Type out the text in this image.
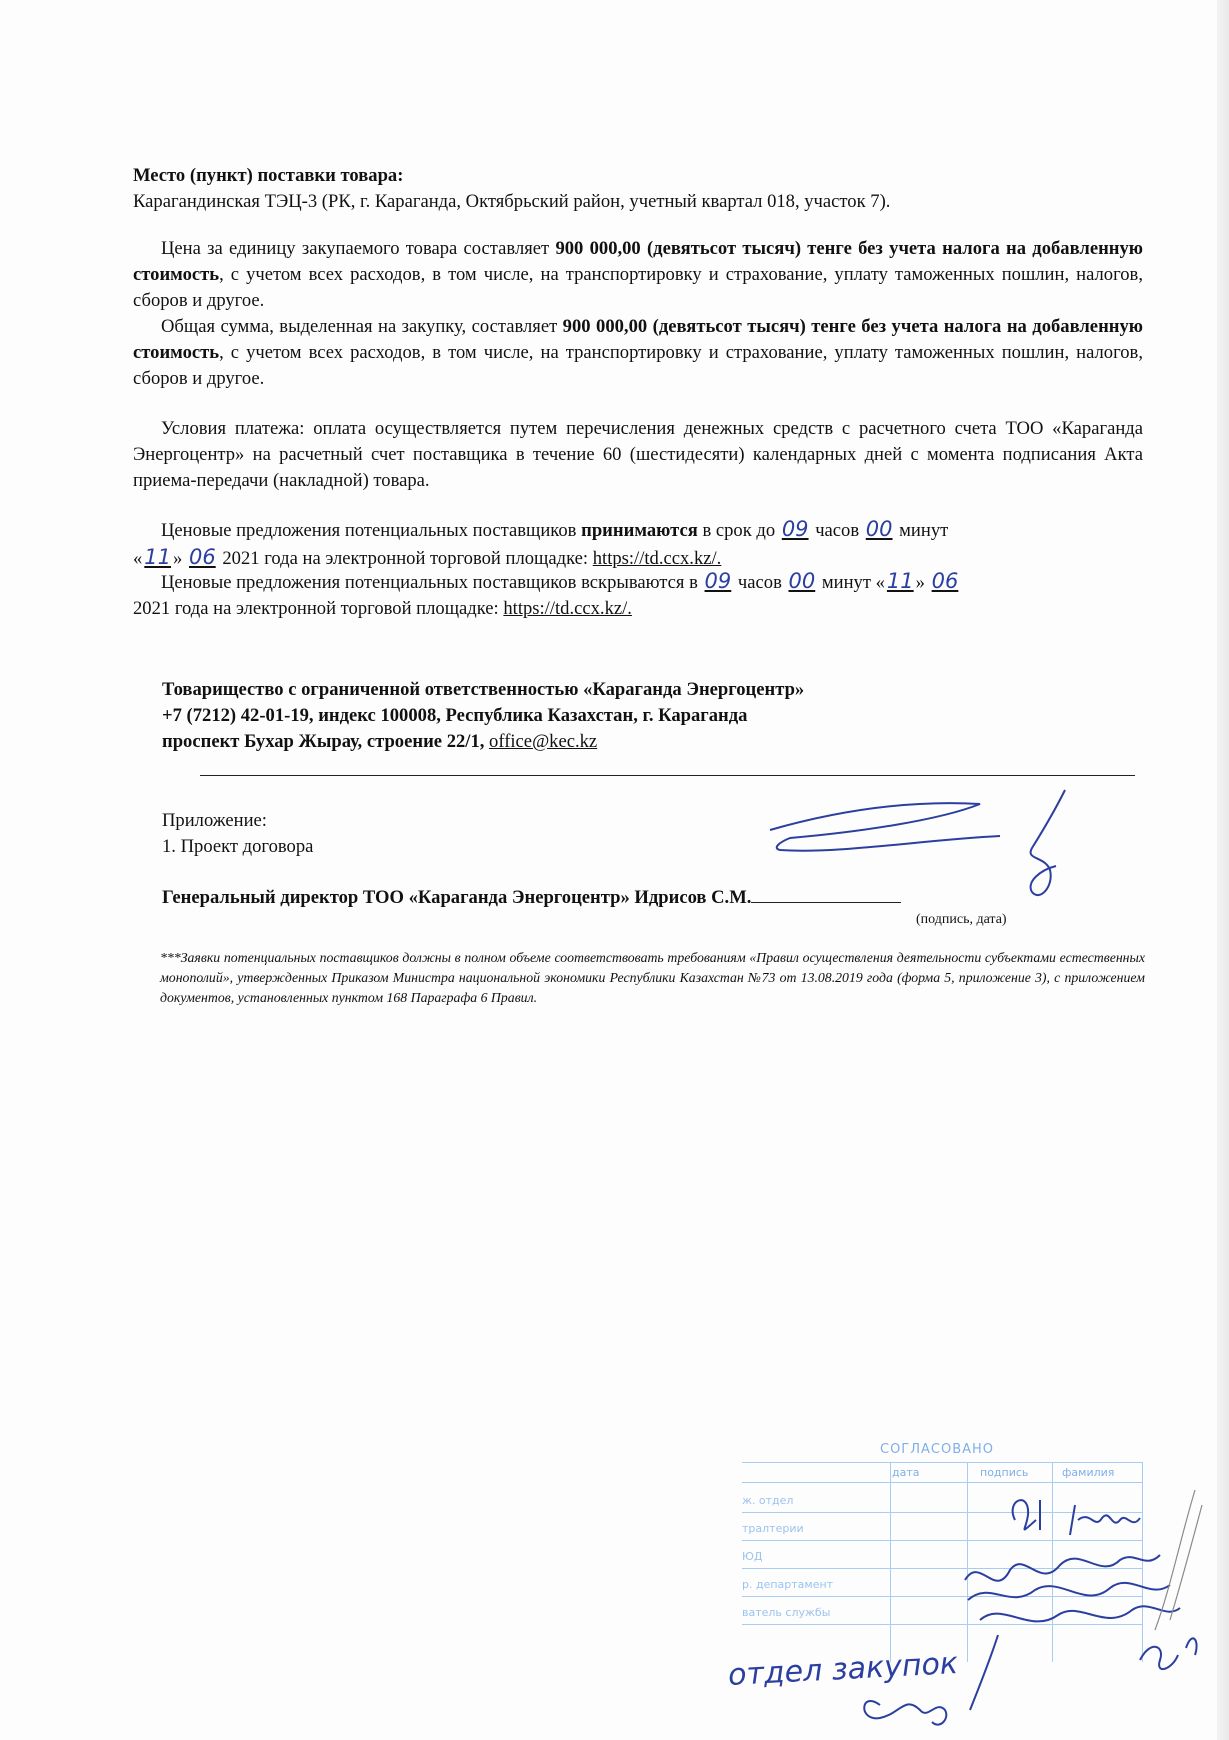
Место (пункт) поставки товара:
Карагандинская ТЭЦ-3 (РК, г. Караганда, Октябрьский район, учетный квартал 018, участок 7).
Цена за единицу закупаемого товара составляет 900 000,00 (девятьсот тысяч) тенге без учета налога на добавленную стоимость, с учетом всех расходов, в том числе, на транспортировку и страхование, уплату таможенных пошлин, налогов, сборов и другое.
Общая сумма, выделенная на закупку, составляет 900 000,00 (девятьсот тысяч) тенге без учета налога на добавленную стоимость, с учетом всех расходов, в том числе, на транспортировку и страхование, уплату таможенных пошлин, налогов, сборов и другое.
Условия платежа: оплата осуществляется путем перечисления денежных средств с расчетного счета ТОО «Караганда Энергоцентр» на расчетный счет поставщика в течение 60 (шестидесяти) календарных дней с момента подписания Акта приема-передачи (накладной) товара.
Ценовые предложения потенциальных поставщиков принимаются в срок до 09 часов 00 минут
«11 » 06 2021 года на электронной торговой площадке: https://td.ccx.kz/.
Ценовые предложения потенциальных поставщиков вскрываются в 09 часов 00 минут «11 » 06
2021 года на электронной торговой площадке: https://td.ccx.kz/.
Товарищество с ограниченной ответственностью «Караганда Энергоцентр»
+7 (7212) 42-01-19, индекс 100008, Республика Казахстан, г. Караганда
проспект Бухар Жырау, строение 22/1, office@kec.kz
Приложение:
1. Проект договора
Генеральный директор ТОО «Караганда Энергоцентр» Идрисов С.М.
(подпись, дата)
***Заявки потенциальных поставщиков должны в полном объеме соответствовать требованиям «Правил осуществления деятельности субъектами естественных монополий», утвержденных Приказом Министра национальной экономики Республики Казахстан №73 от 13.08.2019 года (форма 5, приложение 3), с приложением документов, установленных пунктом 168 Параграфа 6 Правил.
СОГЛАСОВАНО
дата	подпись	фамилия
ж. отдел
тралтерии
ЮД
р. департамент
ватель службы
отдел закупок
